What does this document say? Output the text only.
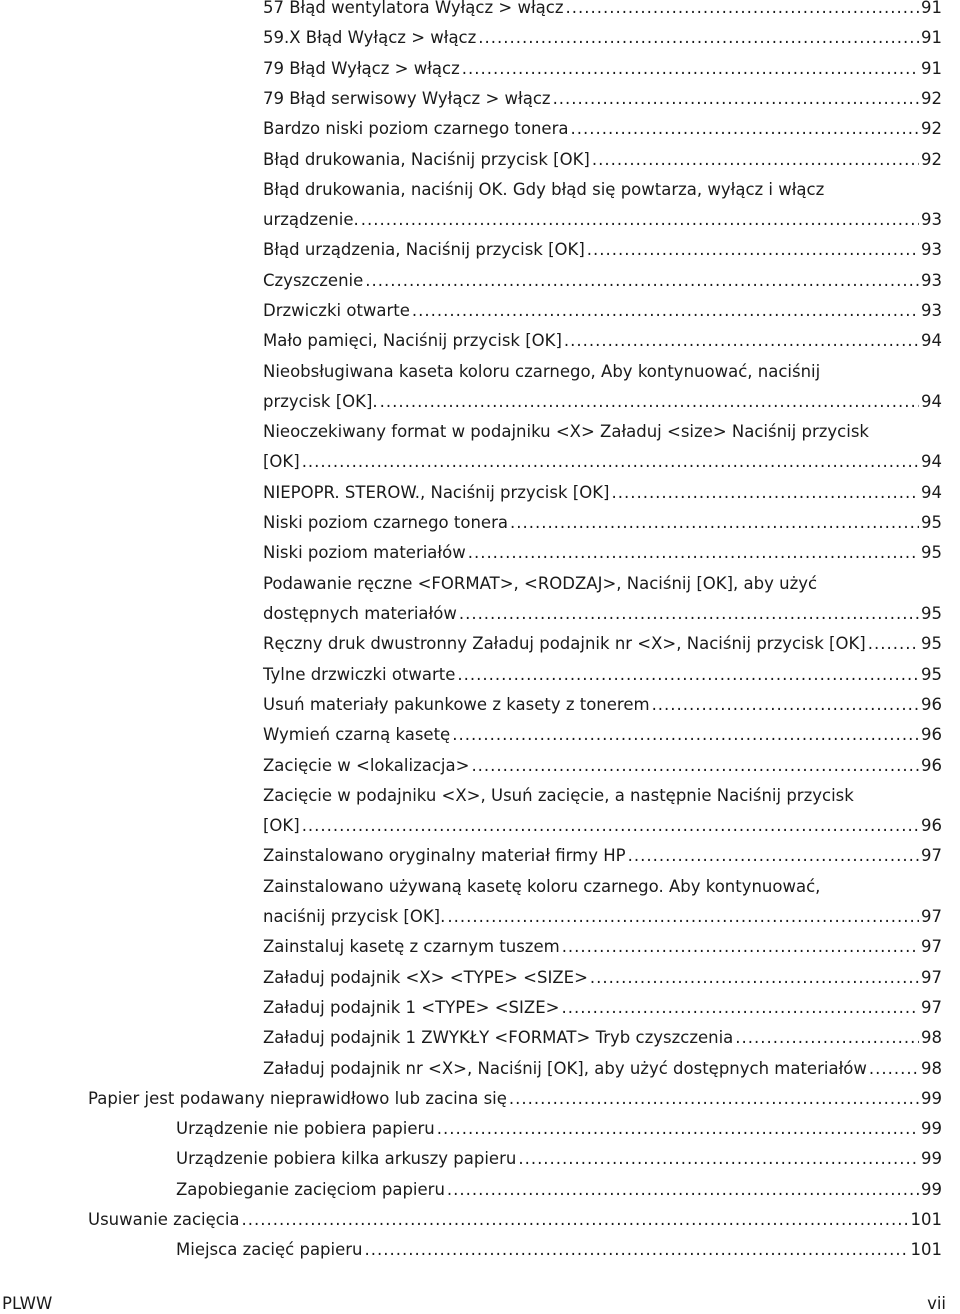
57 Błąd wentylatora Wyłącz > włącz .....	91
59.X Błąd Wyłącz > włącz .....	91
79 Błąd Wyłącz > włącz .....	91
79 Błąd serwisowy Wyłącz > włącz .....	92
Bardzo niski poziom czarnego tonera .....	92
Błąd drukowania, Naciśnij przycisk [OK] .....	92
Błąd drukowania, naciśnij OK. Gdy błąd się powtarza, wyłącz i włącz
urządzenie. .....	93
Błąd urządzenia, Naciśnij przycisk [OK] .....	93
Czyszczenie .....	93
Drzwiczki otwarte .....	93
Mało pamięci, Naciśnij przycisk [OK] .....	94
Nieobsługiwana kaseta koloru czarnego, Aby kontynuować, naciśnij
przycisk [OK]. .....	94
Nieoczekiwany format w podajniku <X> Załaduj <size> Naciśnij przycisk
[OK] .....	94
NIEPOPR. STEROW., Naciśnij przycisk [OK] .....	94
Niski poziom czarnego tonera .....	95
Niski poziom materiałów .....	95
Podawanie ręczne <FORMAT>, <RODZAJ>, Naciśnij [OK], aby użyć
dostępnych materiałów .....	95
Ręczny druk dwustronny Załaduj podajnik nr <X>, Naciśnij przycisk [OK] .....	95
Tylne drzwiczki otwarte .....	95
Usuń materiały pakunkowe z kasety z tonerem .....	96
Wymień czarną kasetę .....	96
Zacięcie w <lokalizacja> .....	96
Zacięcie w podajniku <X>, Usuń zacięcie, a następnie Naciśnij przycisk
[OK] .....	96
Zainstalowano oryginalny materiał firmy HP .....	97
Zainstalowano używaną kasetę koloru czarnego. Aby kontynuować,
naciśnij przycisk [OK]. .....	97
Zainstaluj kasetę z czarnym tuszem .....	97
Załaduj podajnik <X> <TYPE> <SIZE> .....	97
Załaduj podajnik 1 <TYPE> <SIZE> .....	97
Załaduj podajnik 1 ZWYKŁY <FORMAT> Tryb czyszczenia .....	98
Załaduj podajnik nr <X>, Naciśnij [OK], aby użyć dostępnych materiałów .....	98
Papier jest podawany nieprawidłowo lub zacina się .....	99
Urządzenie nie pobiera papieru .....	99
Urządzenie pobiera kilka arkuszy papieru .....	99
Zapobieganie zacięciom papieru .....	99
Usuwanie zacięcia .....	101
Miejsca zacięć papieru .....	101
PLWW	vii
